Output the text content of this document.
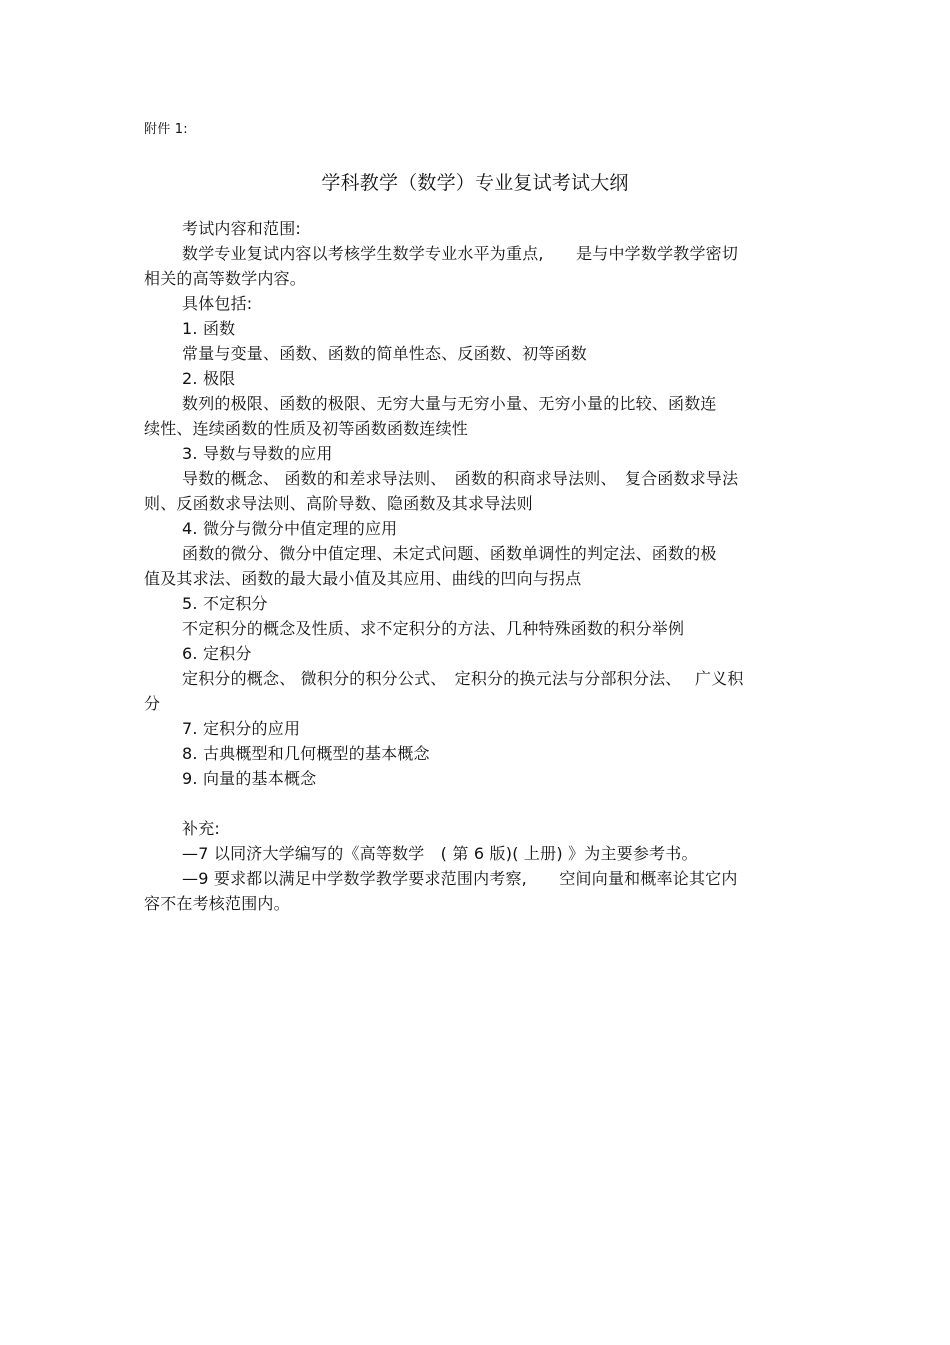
附件 1:
学科教学（数学）专业复试考试大纲
考试内容和范围:
数学专业复试内容以考核学生数学专业水平为重点,　　是与中学数学教学密切
相关的高等数学内容。
具体包括:
1. 函数
常量与变量、函数、函数的简单性态、反函数、初等函数
2. 极限
数列的极限、函数的极限、无穷大量与无穷小量、无穷小量的比较、函数连
续性、连续函数的性质及初等函数函数连续性
3. 导数与导数的应用
导数的概念、 函数的和差求导法则、　函数的积商求导法则、　复合函数求导法
则、反函数求导法则、高阶导数、隐函数及其求导法则
4. 微分与微分中值定理的应用
函数的微分、微分中值定理、未定式问题、函数单调性的判定法、函数的极
值及其求法、函数的最大最小值及其应用、曲线的凹向与拐点
5. 不定积分
不定积分的概念及性质、求不定积分的方法、几种特殊函数的积分举例
6. 定积分
定积分的概念、 微积分的积分公式、　定积分的换元法与分部积分法、　 广义积
分
7. 定积分的应用
8. 古典概型和几何概型的基本概念
9. 向量的基本概念
补充:
—7 以同济大学编写的《高等数学　( 第 6 版)( 上册) 》为主要参考书。
—9 要求都以满足中学数学教学要求范围内考察,　　空间向量和概率论其它内
容不在考核范围内。
